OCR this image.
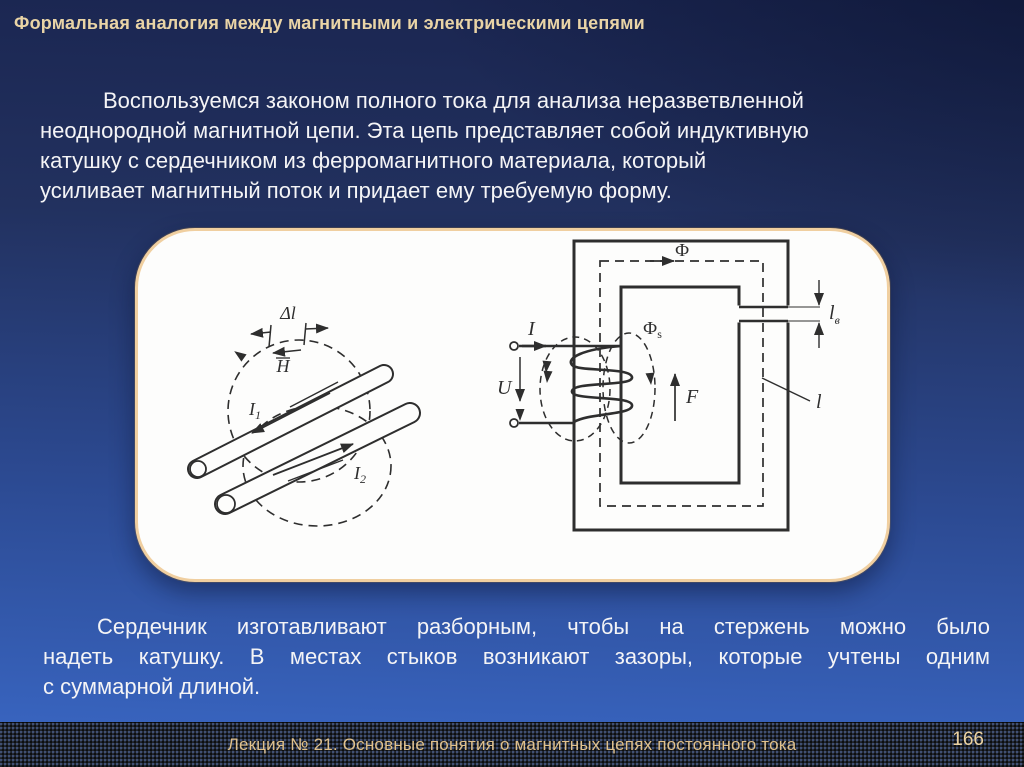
Формальная аналогия между магнитными и электрическими цепями
Воспользуемся законом полного тока для анализа неразветвленной
неоднородной магнитной цепи. Эта цепь представляет собой индуктивную
катушку с сердечником из ферромагнитного материала, который
усиливает магнитный поток и придает ему требуемую форму.
Δl
H
$I_1$
$I_2$
Ф
$Ф_s$
I
U	F	l
$l_в$
Сердечник изготавливают разборным, чтобы на стержень можно было
надеть катушку. В местах стыков возникают зазоры, которые учтены одним
с суммарной длиной.
Лекция № 21. Основные понятия о магнитных цепях постоянного тока	166
